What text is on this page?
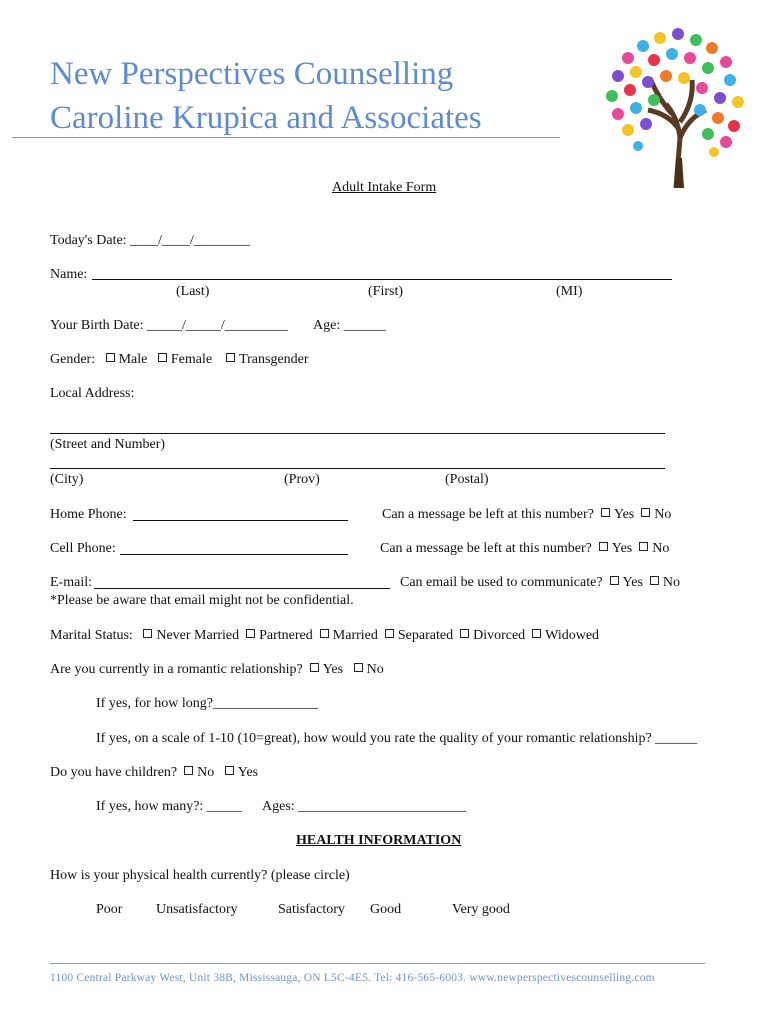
New Perspectives Counselling
Caroline Krupica and Associates
Adult Intake Form
Today's Date: ____/____/________
Name:
(Last)	(First)	(MI)
Your Birth Date: _____/_____/_________ Age: ______
Gender: Male Female Transgender
Local Address:
(Street and Number)
(City)	(Prov)	(Postal)
Home Phone:	Can a message be left at this number? Yes No
Cell Phone:	Can a message be left at this number? Yes No
E-mail:	Can email be used to communicate? Yes No
*Please be aware that email might not be confidential.
Marital Status: Never Married Partnered Married Separated Divorced Widowed
Are you currently in a romantic relationship? Yes No
If yes, for how long?_______________
If yes, on a scale of 1-10 (10=great), how would you rate the quality of your romantic relationship? ______
Do you have children? No Yes
If yes, how many?: _____ Ages: ________________________
HEALTH INFORMATION
How is your physical health currently? (please circle)
Poor Unsatisfactory	Satisfactory Good	Very good
1100 Central Parkway West, Unit 38B, Mississauga, ON L5C-4E5. Tel: 416-565-6003. www.newperspectivescounselling.com
